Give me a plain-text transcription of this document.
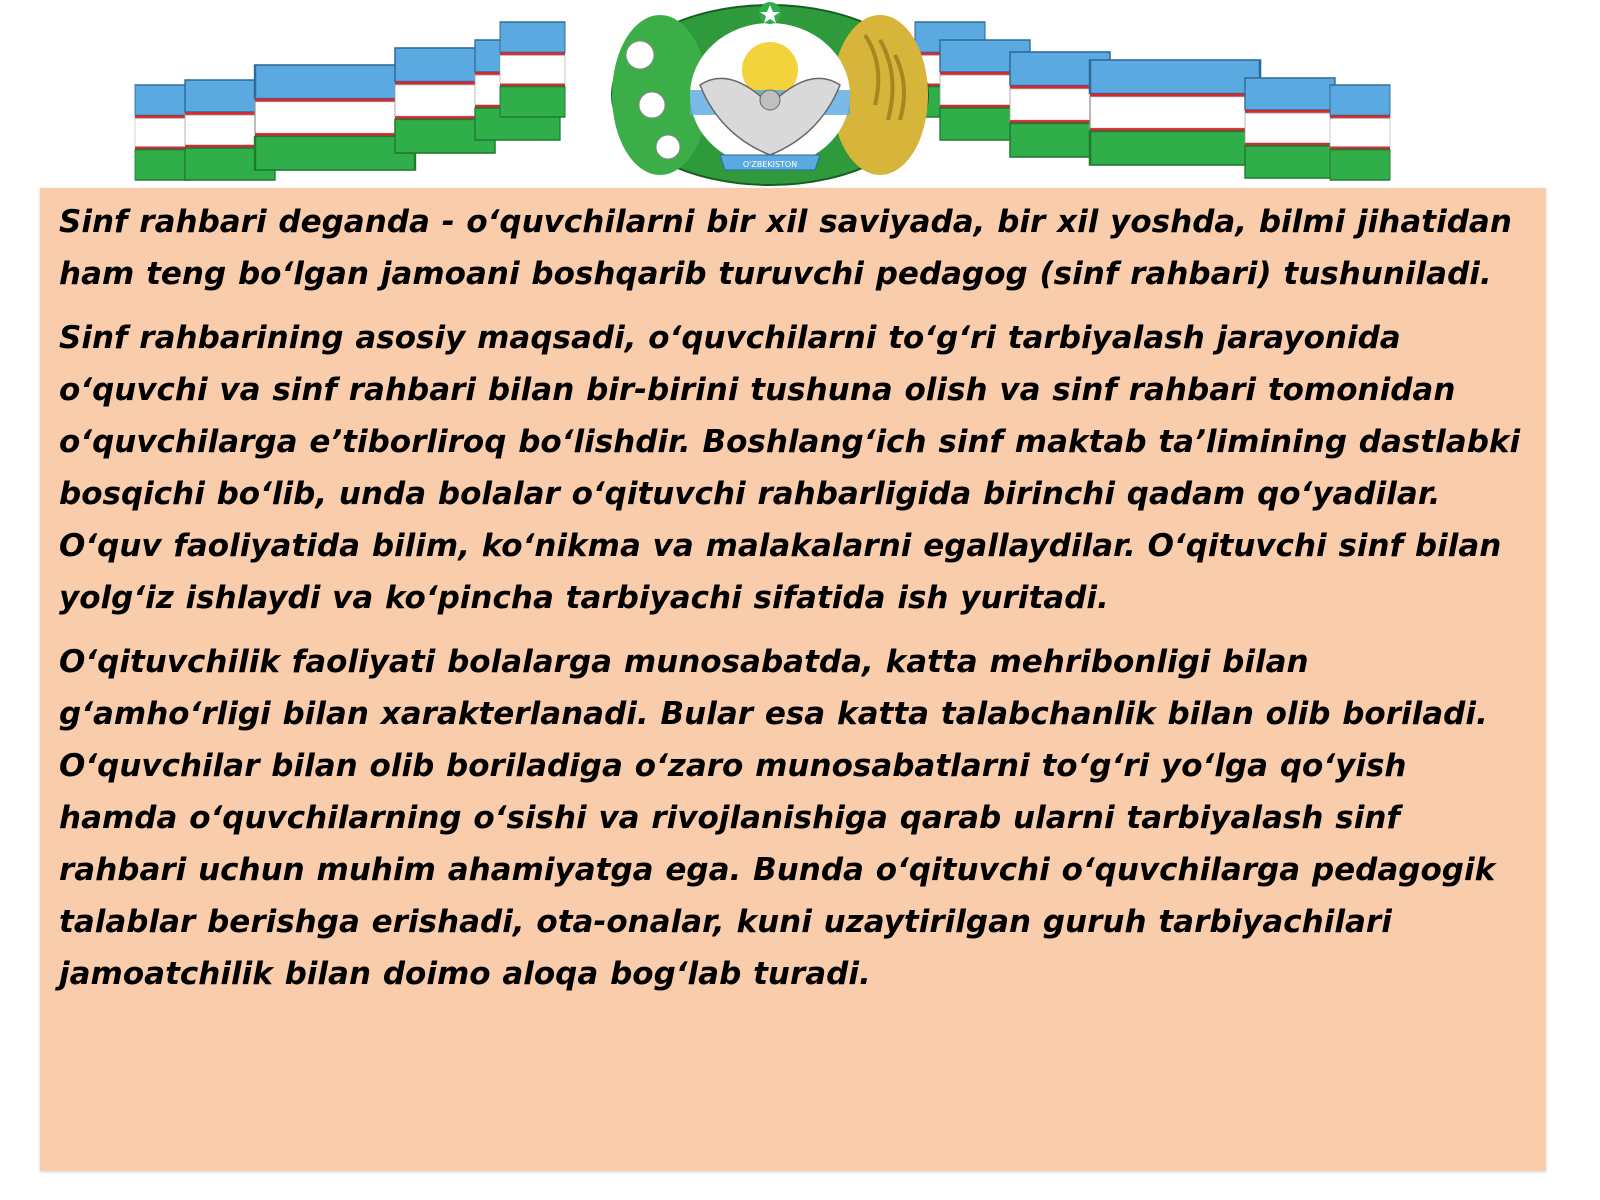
O'ZBEKISTON

Sinf rahbari deganda - o‘quvchilarni bir xil saviyada, bir xil yoshda, bilmi jihatidan ham teng bo‘lgan jamoani boshqarib turuvchi pedagog (sinf rahbari) tushuniladi.

Sinf rahbarining asosiy maqsadi, o‘quvchilarni to‘g‘ri tarbiyalash jarayonida o‘quvchi va sinf rahbari bilan bir-birini tushuna olish va sinf rahbari tomonidan o‘quvchilarga e’tiborliroq bo‘lishdir. Boshlang‘ich sinf maktab ta’limining dastlabki bosqichi bo‘lib, unda bolalar o‘qituvchi rahbarligida birinchi qadam qo‘yadilar. O‘quv faoliyatida bilim, ko‘nikma va malakalarni egallaydilar. O‘qituvchi sinf bilan yolg‘iz ishlaydi va ko‘pincha tarbiyachi sifatida ish yuritadi.

O‘qituvchilik faoliyati bolalarga munosabatda, katta mehribonligi bilan g‘amho‘rligi bilan xarakterlanadi. Bular esa katta talabchanlik bilan olib boriladi. O‘quvchilar bilan olib boriladiga o‘zaro munosabatlarni to‘g‘ri yo‘lga qo‘yish hamda o‘quvchilarning o‘sishi va rivojlanishiga qarab ularni tarbiyalash sinf rahbari uchun muhim ahamiyatga ega. Bunda o‘qituvchi o‘quvchilarga pedagogik talablar berishga erishadi, ota-onalar, kuni uzaytirilgan guruh tarbiyachilari jamoatchilik bilan doimo aloqa bog‘lab turadi.
